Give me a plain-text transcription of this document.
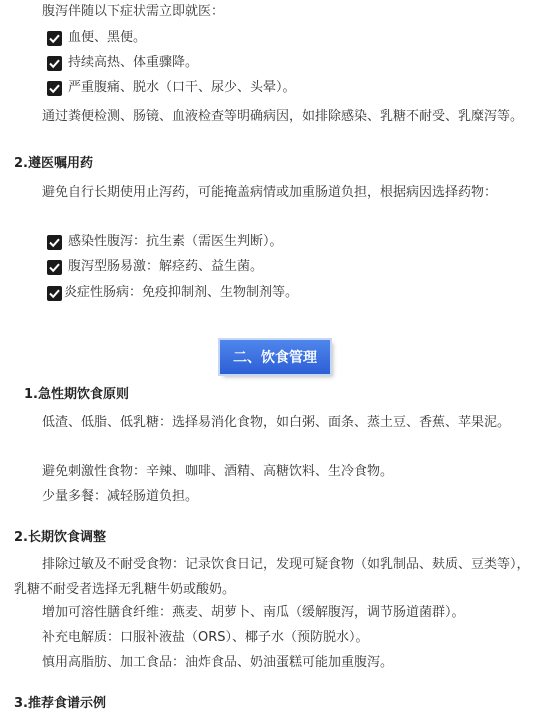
腹泻伴随以下症状需立即就医：
血便、黑便。
持续高热、体重骤降。
严重腹痛、脱水（口干、尿少、头晕）。
通过粪便检测、肠镜、血液检查等明确病因，如排除感染、乳糖不耐受、乳糜泻等。
2.遵医嘱用药
避免自行长期使用止泻药，可能掩盖病情或加重肠道负担，根据病因选择药物：
感染性腹泻：抗生素（需医生判断）。
腹泻型肠易激：解痉药、益生菌。
炎症性肠病：免疫抑制剂、生物制剂等。
二、饮食管理
1.急性期饮食原则
低渣、低脂、低乳糖：选择易消化食物，如白粥、面条、蒸土豆、香蕉、苹果泥。
避免刺激性食物：辛辣、咖啡、酒精、高糖饮料、生冷食物。
少量多餐：减轻肠道负担。
2.长期饮食调整
排除过敏及不耐受食物：记录饮食日记，发现可疑食物（如乳制品、麸质、豆类等），乳糖不耐受者选择无乳糖牛奶或酸奶。
增加可溶性膳食纤维：燕麦、胡萝卜、南瓜（缓解腹泻，调节肠道菌群）。
补充电解质：口服补液盐（ORS）、椰子水（预防脱水）。
慎用高脂肪、加工食品：油炸食品、奶油蛋糕可能加重腹泻。
3.推荐食谱示例
